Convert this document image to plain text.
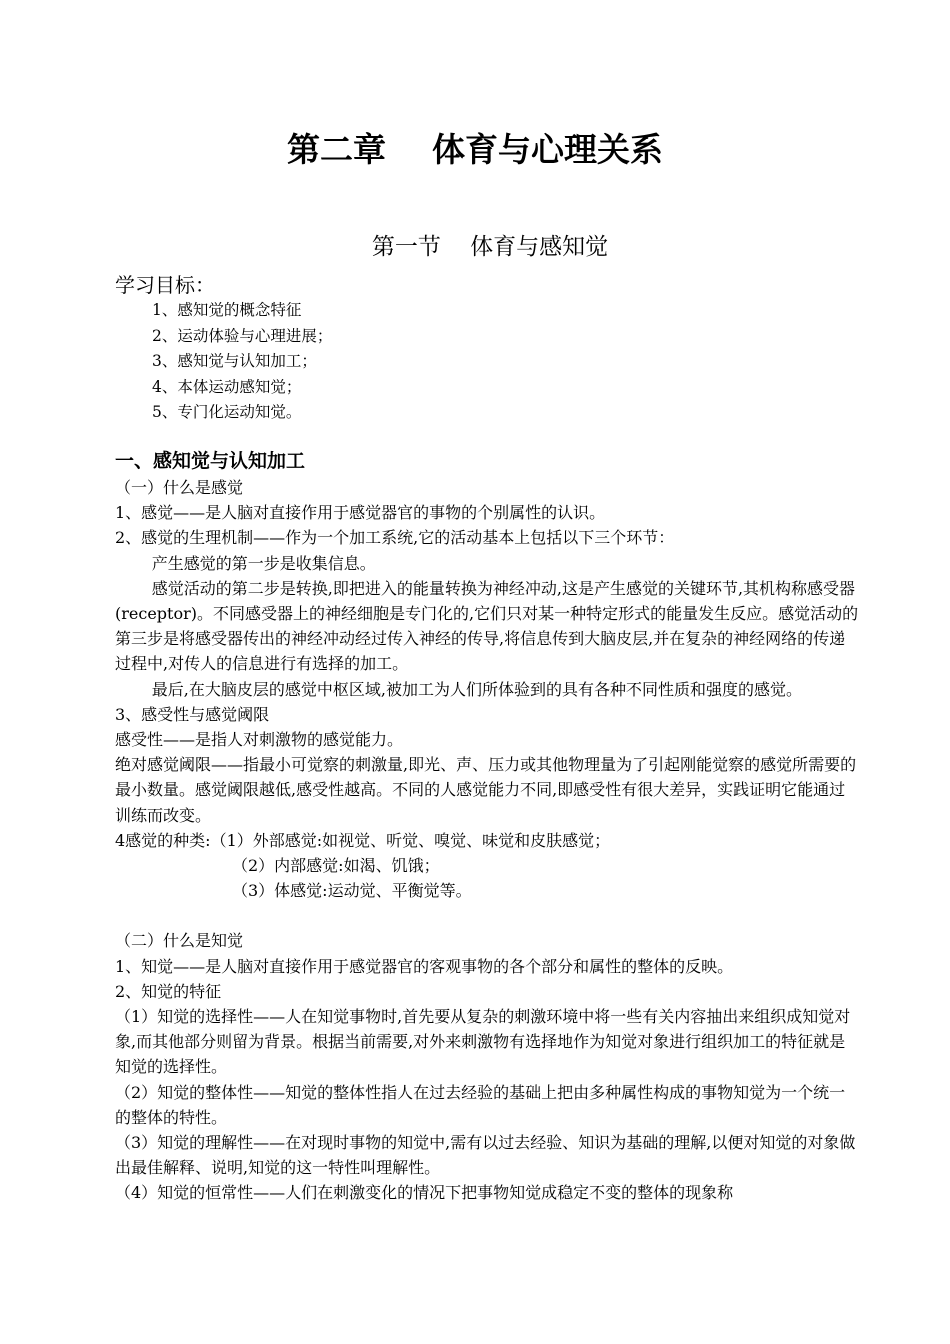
第二章    体育与心理关系
第一节    体育与感知觉
学习目标：
1、感知觉的概念特征
2、运动体验与心理进展；
3、感知觉与认知加工；
4、本体运动感知觉；
5、专门化运动知觉。

一、感知觉与认知加工

（一）什么是感觉

1、感觉——是人脑对直接作用于感觉器官的事物的个别属性的认识。

2、感觉的生理机制——作为一个加工系统,它的活动基本上包括以下三个环节：

产生感觉的第一步是收集信息。

感觉活动的第二步是转换,即把进入的能量转换为神经冲动,这是产生感觉的关键环节,其机构称感受器(receptor)。不同感受器上的神经细胞是专门化的,它们只对某一种特定形式的能量发生反应。感觉活动的第三步是将感受器传出的神经冲动经过传入神经的传导,将信息传到大脑皮层,并在复杂的神经网络的传递过程中,对传人的信息进行有选择的加工。

最后,在大脑皮层的感觉中枢区域,被加工为人们所体验到的具有各种不同性质和强度的感觉。

3、感受性与感觉阈限

感受性——是指人对刺激物的感觉能力。

绝对感觉阈限——指最小可觉察的刺激量,即光、声、压力或其他物理量为了引起刚能觉察的感觉所需要的最小数量。感觉阈限越低,感受性越高。不同的人感觉能力不同,即感受性有很大差异，实践证明它能通过训练而改变。

4感觉的种类:（1）外部感觉:如视觉、听觉、嗅觉、味觉和皮肤感觉；

（2）内部感觉:如渴、饥饿；

（3）体感觉:运动觉、平衡觉等。

（二）什么是知觉

1、知觉——是人脑对直接作用于感觉器官的客观事物的各个部分和属性的整体的反映。

2、知觉的特征

（1）知觉的选择性——人在知觉事物时,首先要从复杂的刺激环境中将一些有关内容抽出来组织成知觉对象,而其他部分则留为背景。根据当前需要,对外来刺激物有选择地作为知觉对象进行组织加工的特征就是知觉的选择性。

（2）知觉的整体性——知觉的整体性指人在过去经验的基础上把由多种属性构成的事物知觉为一个统一的整体的特性。

（3）知觉的理解性——在对现时事物的知觉中,需有以过去经验、知识为基础的理解,以便对知觉的对象做出最佳解释、说明,知觉的这一特性叫理解性。

（4）知觉的恒常性——人们在刺激变化的情况下把事物知觉成稳定不变的整体的现象称
